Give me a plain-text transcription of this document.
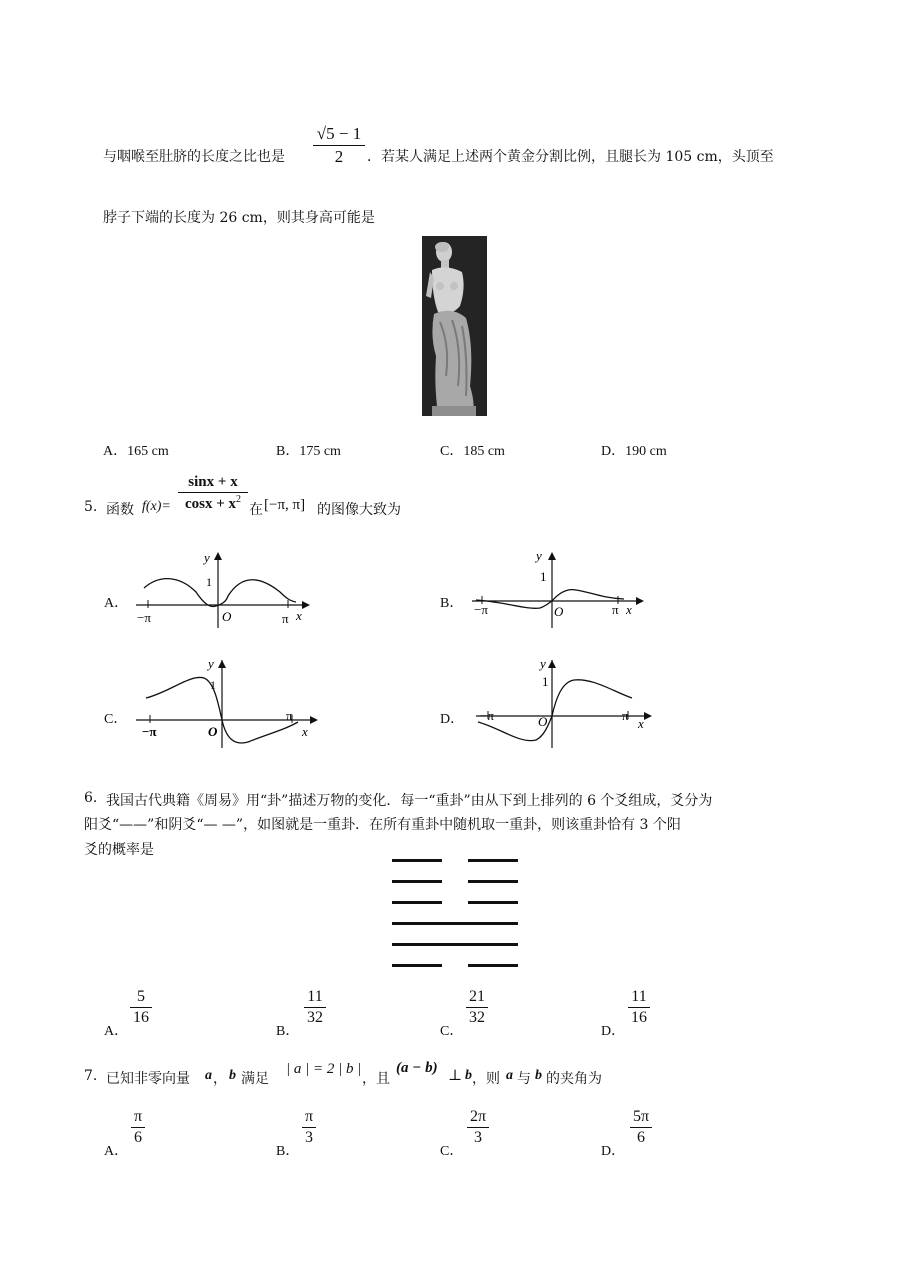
与咽喉至肚脐的长度之比也是
√5 − 1
2	．若某人满足上述两个黄金分割比例，且腿长为 105 cm，头顶至
脖子下端的长度为 26 cm，则其身高可能是
A．165 cm	B．175 cm	C．185 cm	D．190 cm
5. 函数 f(x)=
sinx + x
$\cos x + x^2$
在 [−π, π] 的图像大致为
A．	B．
C．	D．
y
1
O
−π	π x
y
1
O
−π	π x
y
1
O
−π
π
x
y
1
O
−π	π
x
6. 我国古代典籍《周易》用“卦”描述万物的变化．每一“重卦”由从下到上排列的 6 个爻组成，爻分为
阳爻“——”和阴爻“— —”，如图就是一重卦．在所有重卦中随机取一重卦，则该重卦恰有 3 个阳
爻的概率是
A．
5
16
B．
11
32
C．
21
32
D．
11
16
7. 已知非零向量 a ， b 满足
| a | = 2 | b |
，且
(a − b) ⊥ b ，则 a 与 b 的夹角为
A．
π
6
B．
π
3
C．
2π
3
D．
5π
6
